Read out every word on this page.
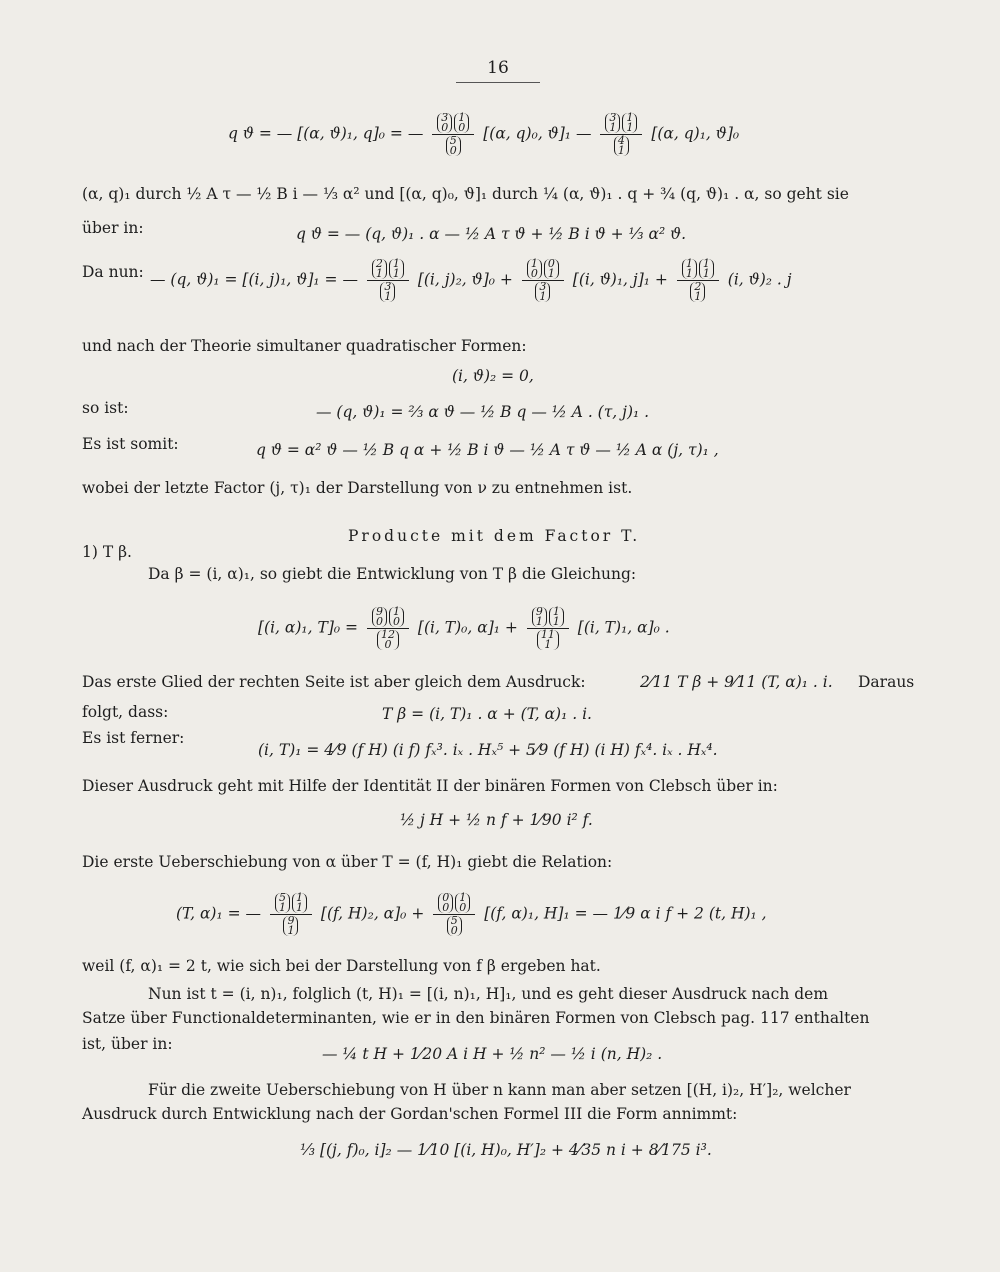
16
q ϑ = — [(α, ϑ)₁, q]₀ = — 3
0
1
0
5
0 [(α, q)₀, ϑ]₁ — 3
1
1
1
4
1 [(α, q)₁, ϑ]₀
(α, q)₁ durch ½ A τ — ½ B i — ⅓ α² und [(α, q)₀, ϑ]₁ durch ¼ (α, ϑ)₁ . q + ¾ (q, ϑ)₁ . α, so geht sie
über in:	q ϑ = — (q, ϑ)₁ . α — ½ A τ ϑ + ½ B i ϑ + ⅓ α² ϑ.
Da nun: — (q, ϑ)₁ = [(i, j)₁, ϑ]₁ = — 2
1
1
1
3
1 [(i, j)₂, ϑ]₀ + 1
0
0
1
3
1 [(i, ϑ)₁, j]₁ + 1
1
1
1
2
1 (i, ϑ)₂ . j
und nach der Theorie simultaner quadratischer Formen:
(i, ϑ)₂ = 0,
so ist:	— (q, ϑ)₁ = ⅔ α ϑ — ½ B q — ½ A . (τ, j)₁ .
Es ist somit:	q ϑ = α² ϑ — ½ B q α + ½ B i ϑ — ½ A τ ϑ — ½ A α (j, τ)₁ ,
wobei der letzte Factor (j, τ)₁ der Darstellung von ν zu entnehmen ist.
Producte mit dem Factor T.
1) T β.
Da β = (i, α)₁, so giebt die Entwicklung von T β die Gleichung:
[(i, α)₁, T]₀ = 9
0
1
0
12
0 [(i, T)₀, α]₁ + 9
1
1
1
11
1 [(i, T)₁, α]₀ .
Das erste Glied der rechten Seite ist aber gleich dem Ausdruck:	2⁄11 T β + 9⁄11 (T, α)₁ . i. Daraus
folgt, dass:	T β = (i, T)₁ . α + (T, α)₁ . i.
Es ist ferner:
(i, T)₁ = 4⁄9 (f H) (i f) fₓ³. iₓ . Hₓ⁵ + 5⁄9 (f H) (i H) fₓ⁴. iₓ . Hₓ⁴.
Dieser Ausdruck geht mit Hilfe der Identität II der binären Formen von Clebsch über in:
½ j H + ½ n f + 1⁄90 i² f.
Die erste Ueberschiebung von α über T = (f, H)₁ giebt die Relation:
(T, α)₁ = — 5
1
1
1
9
1 [(f, H)₂, α]₀ + 0
0
1
0
5
0 [(f, α)₁, H]₁ = — 1⁄9 α i f + 2 (t, H)₁ ,
weil (f, α)₁ = 2 t, wie sich bei der Darstellung von f β ergeben hat.
Nun ist t = (i, n)₁, folglich (t, H)₁ = [(i, n)₁, H]₁, und es geht dieser Ausdruck nach dem
Satze über Functionaldeterminanten, wie er in den binären Formen von Clebsch pag. 117 enthalten
ist, über in:
— ¼ t H + 1⁄20 A i H + ½ n² — ½ i (n, H)₂ .
Für die zweite Ueberschiebung von H über n kann man aber setzen [(H, i)₂, H′]₂, welcher
Ausdruck durch Entwicklung nach der Gordan'schen Formel III die Form annimmt:
⅓ [(j, f)₀, i]₂ — 1⁄10 [(i, H)₀, H′]₂ + 4⁄35 n i + 8⁄175 i³.
